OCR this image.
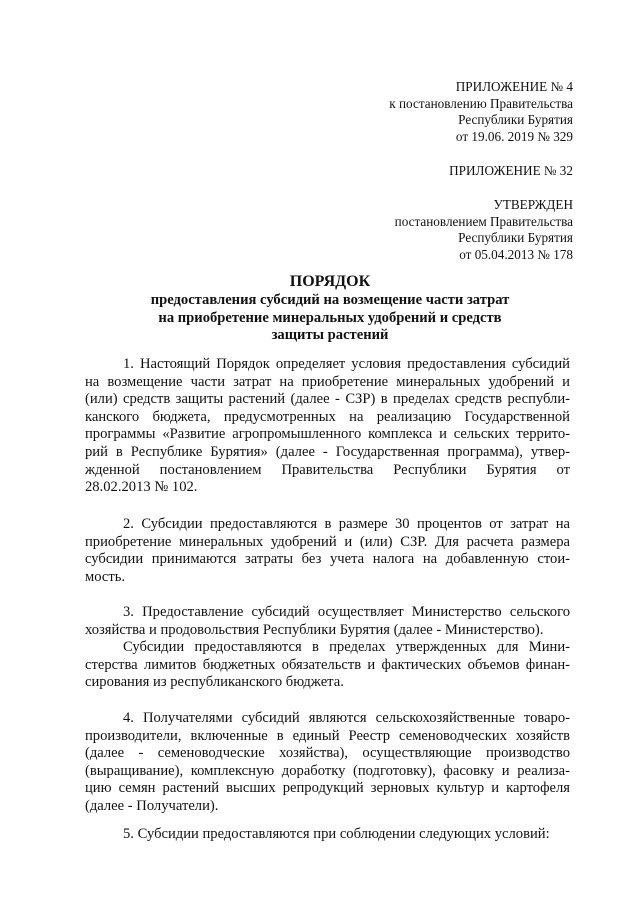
ПРИЛОЖЕНИЕ № 4
к постановлению Правительства
Республики Бурятия
от 19.06. 2019 № 329
ПРИЛОЖЕНИЕ № 32
УТВЕРЖДЕН
постановлением Правительства
Республики Бурятия
от 05.04.2013 № 178
ПОРЯДОК
предоставления субсидий на возмещение части затрат
на приобретение минеральных удобрений и средств
защиты растений
1. Настоящий Порядок определяет условия предоставления субсидий
на возмещение части затрат на приобретение минеральных удобрений и
(или) средств защиты растений (далее - СЗР) в пределах средств республи-
канского бюджета, предусмотренных на реализацию Государственной
программы «Развитие агропромышленного комплекса и сельских террито-
рий в Республике Бурятия» (далее - Государственная программа), утвер-
жденной постановлением Правительства Республики Бурятия от
28.02.2013 № 102.
2. Субсидии предоставляются в размере 30 процентов от затрат на
приобретение минеральных удобрений и (или) СЗР. Для расчета размера
субсидии принимаются затраты без учета налога на добавленную стои-
мость.
3. Предоставление субсидий осуществляет Министерство сельского
хозяйства и продовольствия Республики Бурятия (далее - Министерство).
Субсидии предоставляются в пределах утвержденных для Мини-
стерства лимитов бюджетных обязательств и фактических объемов финан-
сирования из республиканского бюджета.
4. Получателями субсидий являются сельскохозяйственные товаро-
производители, включенные в единый Реестр семеноводческих хозяйств
(далее - семеноводческие хозяйства), осуществляющие производство
(выращивание), комплексную доработку (подготовку), фасовку и реализа-
цию семян растений высших репродукций зерновых культур и картофеля
(далее - Получатели).
5. Субсидии предоставляются при соблюдении следующих условий:
